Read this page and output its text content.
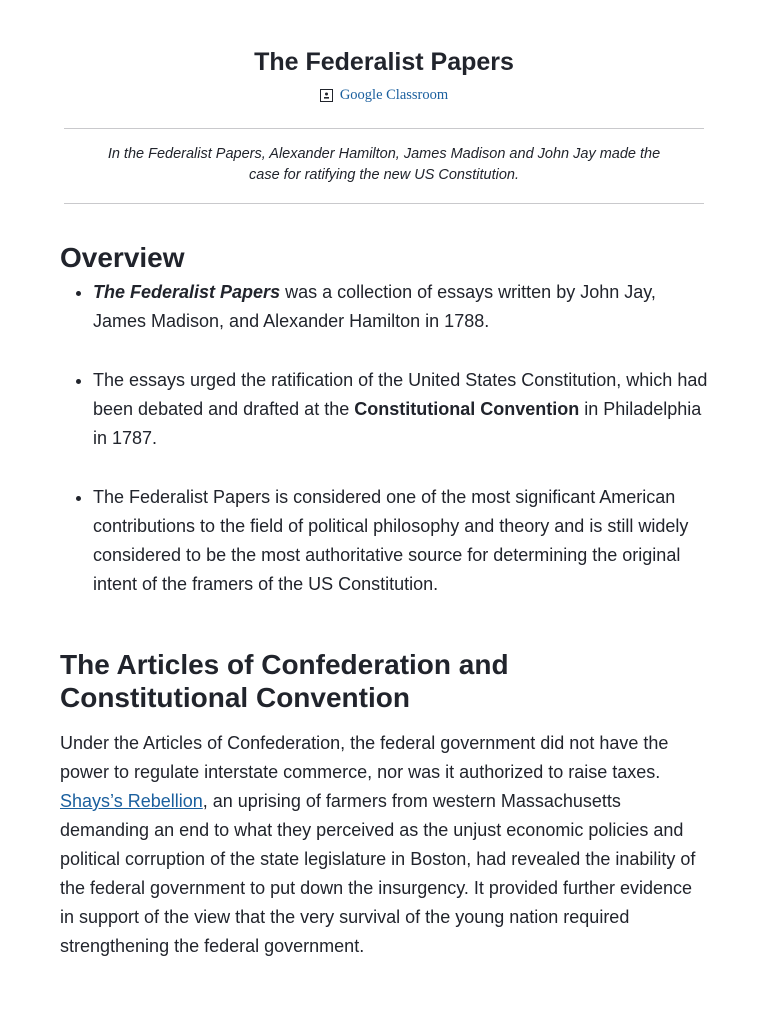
The Federalist Papers
Google Classroom
In the Federalist Papers, Alexander Hamilton, James Madison and John Jay made the case for ratifying the new US Constitution.
Overview
The Federalist Papers was a collection of essays written by John Jay, James Madison, and Alexander Hamilton in 1788.
The essays urged the ratification of the United States Constitution, which had been debated and drafted at the Constitutional Convention in Philadelphia in 1787.
The Federalist Papers is considered one of the most significant American contributions to the field of political philosophy and theory and is still widely considered to be the most authoritative source for determining the original intent of the framers of the US Constitution.
The Articles of Confederation and Constitutional Convention
Under the Articles of Confederation, the federal government did not have the power to regulate interstate commerce, nor was it authorized to raise taxes. Shays’s Rebellion, an uprising of farmers from western Massachusetts demanding an end to what they perceived as the unjust economic policies and political corruption of the state legislature in Boston, had revealed the inability of the federal government to put down the insurgency. It provided further evidence in support of the view that the very survival of the young nation required strengthening the federal government.
